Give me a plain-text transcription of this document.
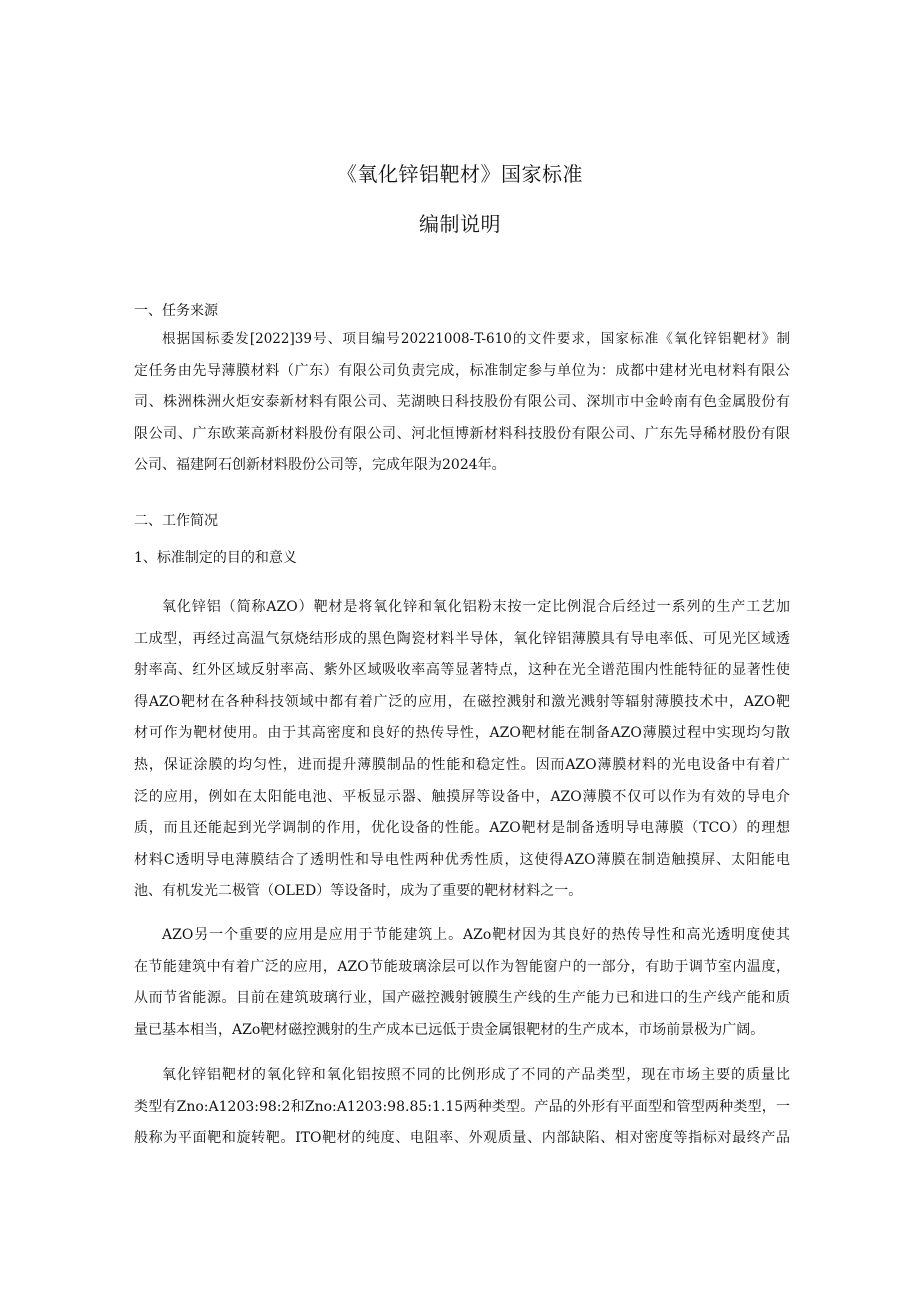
《氧化锌铝靶材》国家标准
编制说明
一、任务来源
根据国标委发[2022]39号、项目编号20221008-T-610的文件要求，国家标准《氧化锌铝靶材》制
定任务由先导薄膜材料（广东）有限公司负责完成，标准制定参与单位为：成都中建材光电材料有限公
司、株洲株洲火炬安泰新材料有限公司、芜湖映日科技股份有限公司、深圳市中金岭南有色金属股份有
限公司、广东欧莱高新材料股份有限公司、河北恒博新材料科技股份有限公司、广东先导稀材股份有限
公司、福建阿石创新材料股份公司等，完成年限为2024年。
二、工作简况
1、标准制定的目的和意义
氧化锌铝（简称AZO）靶材是将氧化锌和氧化铝粉末按一定比例混合后经过一系列的生产工艺加
工成型，再经过高温气氛烧结形成的黑色陶瓷材料半导体，氧化锌铝薄膜具有导电率低、可见光区域透
射率高、红外区域反射率高、紫外区域吸收率高等显著特点，这种在光全谱范围内性能特征的显著性使
得AZO靶材在各种科技领域中都有着广泛的应用，在磁控溅射和激光溅射等辐射薄膜技术中，AZO靶
材可作为靶材使用。由于其高密度和良好的热传导性，AZO靶材能在制备AZO薄膜过程中实现均匀散
热，保证涂膜的均匀性，进而提升薄膜制品的性能和稳定性。因而AZO薄膜材料的光电设备中有着广
泛的应用，例如在太阳能电池、平板显示器、触摸屏等设备中，AZO薄膜不仅可以作为有效的导电介
质，而且还能起到光学调制的作用，优化设备的性能。AZO靶材是制备透明导电薄膜（TCO）的理想
材料C透明导电薄膜结合了透明性和导电性两种优秀性质，这使得AZO薄膜在制造触摸屏、太阳能电
池、有机发光二极管（OLED）等设备时，成为了重要的靶材材料之一。
AZO另一个重要的应用是应用于节能建筑上。AZo靶材因为其良好的热传导性和高光透明度使其
在节能建筑中有着广泛的应用，AZO节能玻璃涂层可以作为智能窗户的一部分，有助于调节室内温度，
从而节省能源。目前在建筑玻璃行业，国产磁控溅射镀膜生产线的生产能力已和进口的生产线产能和质
量已基本相当，AZo靶材磁控溅射的生产成本已远低于贵金属银靶材的生产成本，市场前景极为广阔。
氧化锌铝靶材的氧化锌和氧化铝按照不同的比例形成了不同的产品类型，现在市场主要的质量比
类型有Zno:A1203:98:2和Zno:A1203:98.85:1.15两种类型。产品的外形有平面型和管型两种类型，一
般称为平面靶和旋转靶。ITO靶材的纯度、电阻率、外观质量、内部缺陷、相对密度等指标对最终产品
